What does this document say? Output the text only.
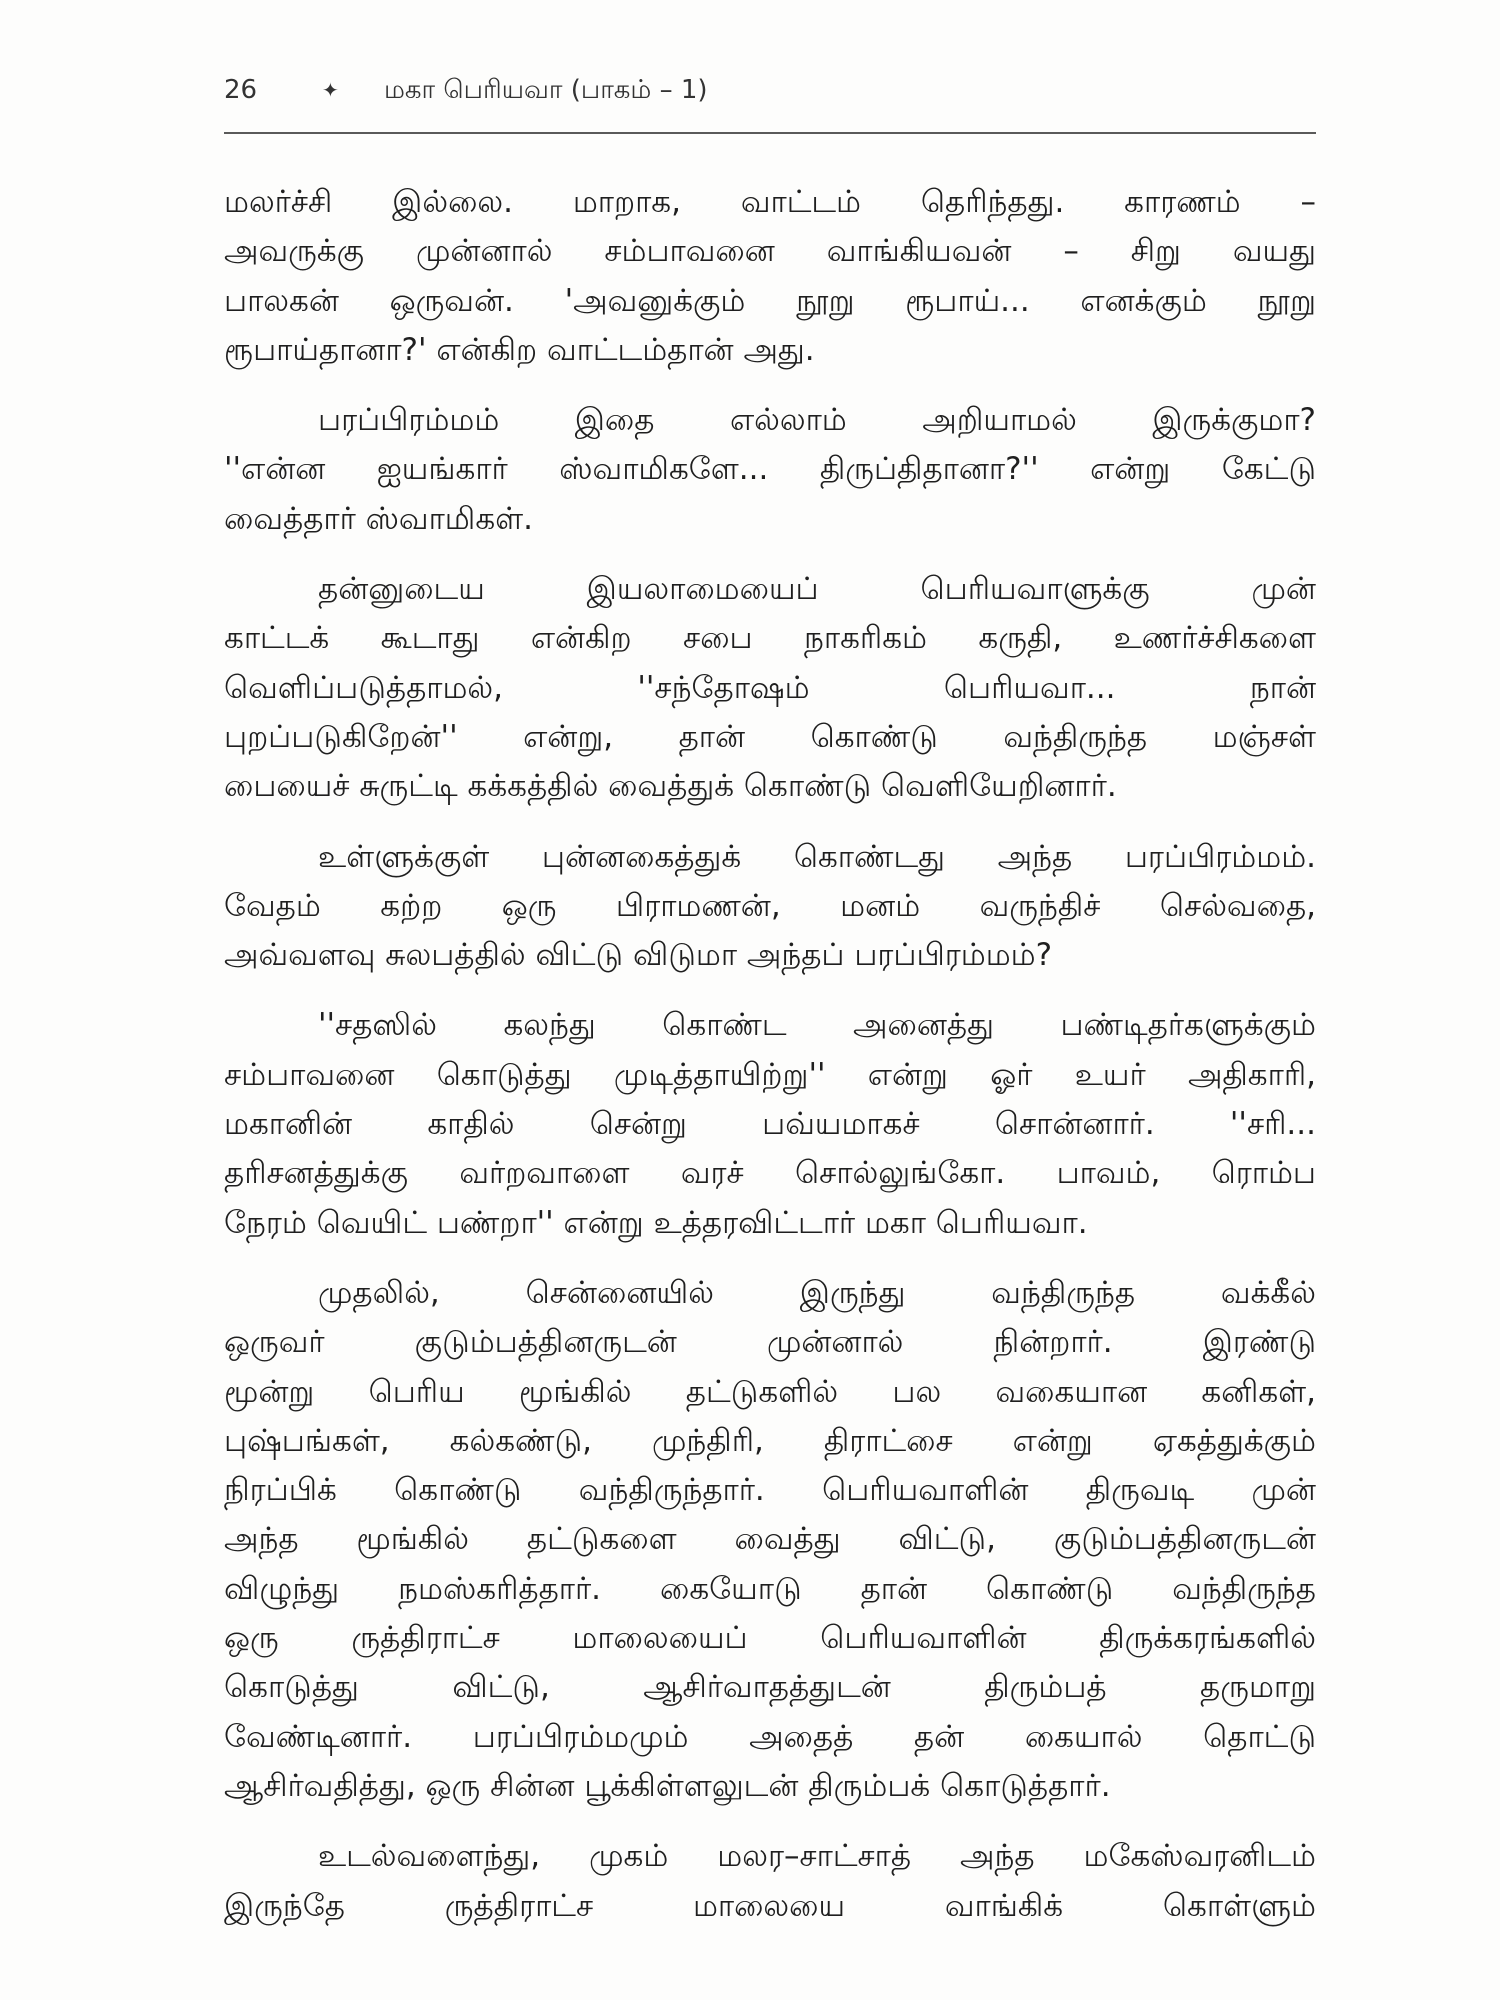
26	✦ மகா பெரியவா (பாகம் – 1)
மலர்ச்சி இல்லை. மாறாக, வாட்டம் தெரிந்தது. காரணம் –
அவருக்கு முன்னால் சம்பாவனை வாங்கியவன் – சிறு வயது
பாலகன் ஒருவன். 'அவனுக்கும் நூறு ரூபாய்... எனக்கும் நூறு
ரூபாய்தானா?' என்கிற வாட்டம்தான் அது.
பரப்பிரம்மம் இதை எல்லாம் அறியாமல் இருக்குமா?
''என்ன ஐயங்கார் ஸ்வாமிகளே... திருப்திதானா?'' என்று கேட்டு
வைத்தார் ஸ்வாமிகள்.
தன்னுடைய இயலாமையைப் பெரியவாளுக்கு முன்
காட்டக் கூடாது என்கிற சபை நாகரிகம் கருதி, உணர்ச்சிகளை
வெளிப்படுத்தாமல், ''சந்தோஷம் பெரியவா... நான்
புறப்படுகிறேன்'' என்று, தான் கொண்டு வந்திருந்த மஞ்சள்
பையைச் சுருட்டி கக்கத்தில் வைத்துக் கொண்டு வெளியேறினார்.
உள்ளுக்குள் புன்னகைத்துக் கொண்டது அந்த பரப்பிரம்மம்.
வேதம் கற்ற ஒரு பிராமணன், மனம் வருந்திச் செல்வதை,
அவ்வளவு சுலபத்தில் விட்டு விடுமா அந்தப் பரப்பிரம்மம்?
''சதஸில் கலந்து கொண்ட அனைத்து பண்டிதர்களுக்கும்
சம்பாவனை கொடுத்து முடித்தாயிற்று'' என்று ஓர் உயர் அதிகாரி,
மகானின் காதில் சென்று பவ்யமாகச் சொன்னார். ''சரி...
தரிசனத்துக்கு வர்றவாளை வரச் சொல்லுங்கோ. பாவம், ரொம்ப
நேரம் வெயிட் பண்றா'' என்று உத்தரவிட்டார் மகா பெரியவா.
முதலில், சென்னையில் இருந்து வந்திருந்த வக்கீல்
ஒருவர் குடும்பத்தினருடன் முன்னால் நின்றார். இரண்டு
மூன்று பெரிய மூங்கில் தட்டுகளில் பல வகையான கனிகள்,
புஷ்பங்கள், கல்கண்டு, முந்திரி, திராட்சை என்று ஏகத்துக்கும்
நிரப்பிக் கொண்டு வந்திருந்தார். பெரியவாளின் திருவடி முன்
அந்த மூங்கில் தட்டுகளை வைத்து விட்டு, குடும்பத்தினருடன்
விழுந்து நமஸ்கரித்தார். கையோடு தான் கொண்டு வந்திருந்த
ஒரு ருத்திராட்ச மாலையைப் பெரியவாளின் திருக்கரங்களில்
கொடுத்து விட்டு, ஆசிர்வாதத்துடன் திரும்பத் தருமாறு
வேண்டினார். பரப்பிரம்மமும் அதைத் தன் கையால் தொட்டு
ஆசிர்வதித்து, ஒரு சின்ன பூக்கிள்ளலுடன் திரும்பக் கொடுத்தார்.
உடல்வளைந்து, முகம் மலர–சாட்சாத் அந்த மகேஸ்வரனிடம்
இருந்தே ருத்திராட்ச மாலையை வாங்கிக் கொள்ளும்
